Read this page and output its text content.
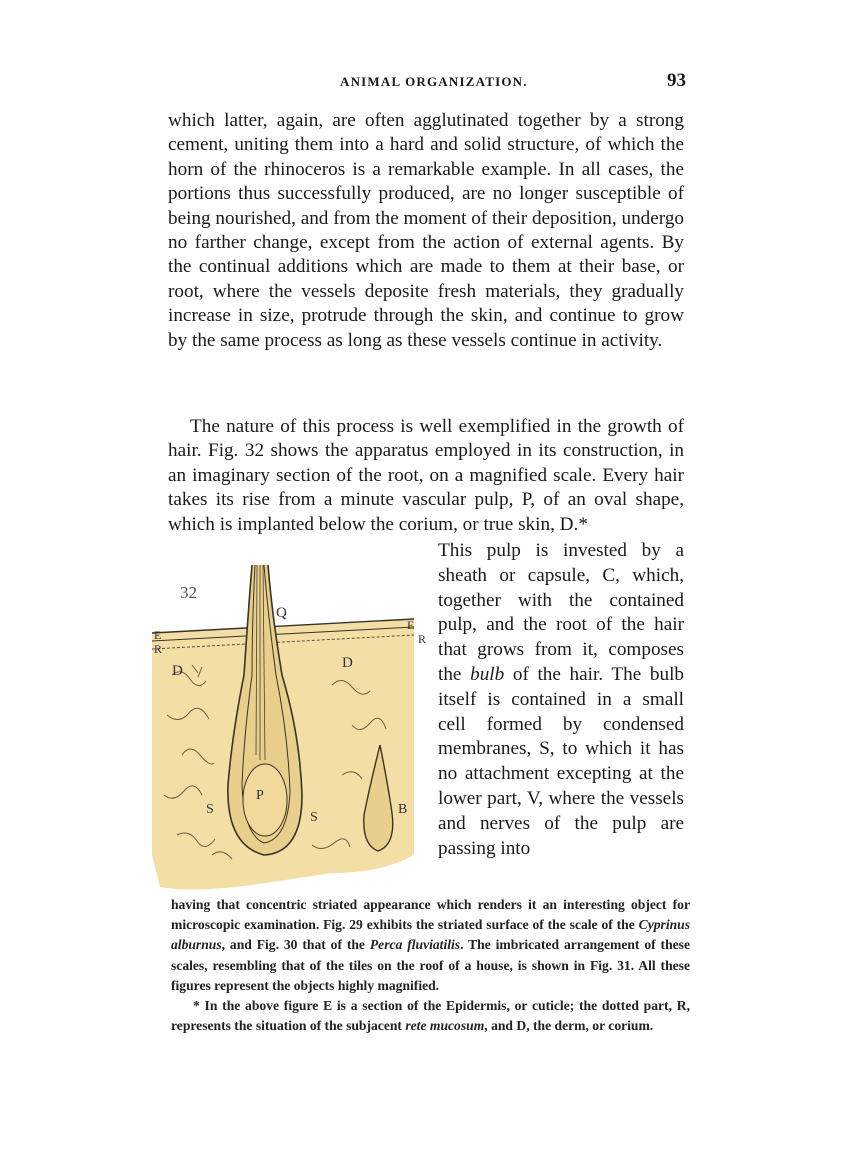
ANIMAL ORGANIZATION.	93

which latter, again, are often agglutinated together by a strong cement, uniting them into a hard and solid structure, of which the horn of the rhinoceros is a remarkable example. In all cases, the portions thus successfully produced, are no longer susceptible of being nourished, and from the moment of their deposition, undergo no farther change, except from the action of external agents. By the continual additions which are made to them at their base, or root, where the vessels deposite fresh materials, they gradually increase in size, protrude through the skin, and continue to grow by the same process as long as these vessels continue in activity.

The nature of this process is well exemplified in the growth of hair. Fig. 32 shows the apparatus employed in its construction, in an imaginary section of the root, on a magnified scale. Every hair takes its rise from a minute vascular pulp, P, of an oval shape, which is implanted below the corium, or true skin, D.*

This pulp is invested by a sheath or capsule, C, which, together with the contained pulp, and the root of the hair that grows from it, composes the bulb of the hair. The bulb itself is contained in a small cell formed by condensed membranes, S, to which it has no attachment excepting at the lower part, V, where the vessels and nerves of the pulp are passing into

32
Q
E
R
D	D
E
R
P
S
S
B

having that concentric striated appearance which renders it an interesting object for microscopic examination. Fig. 29 exhibits the striated surface of the scale of the Cyprinus alburnus, and Fig. 30 that of the Perca fluviatilis. The imbricated arrangement of these scales, resembling that of the tiles on the roof of a house, is shown in Fig. 31. All these figures represent the objects highly magnified.

* In the above figure E is a section of the Epidermis, or cuticle; the dotted part, R, represents the situation of the subjacent rete mucosum, and D, the derm, or corium.
